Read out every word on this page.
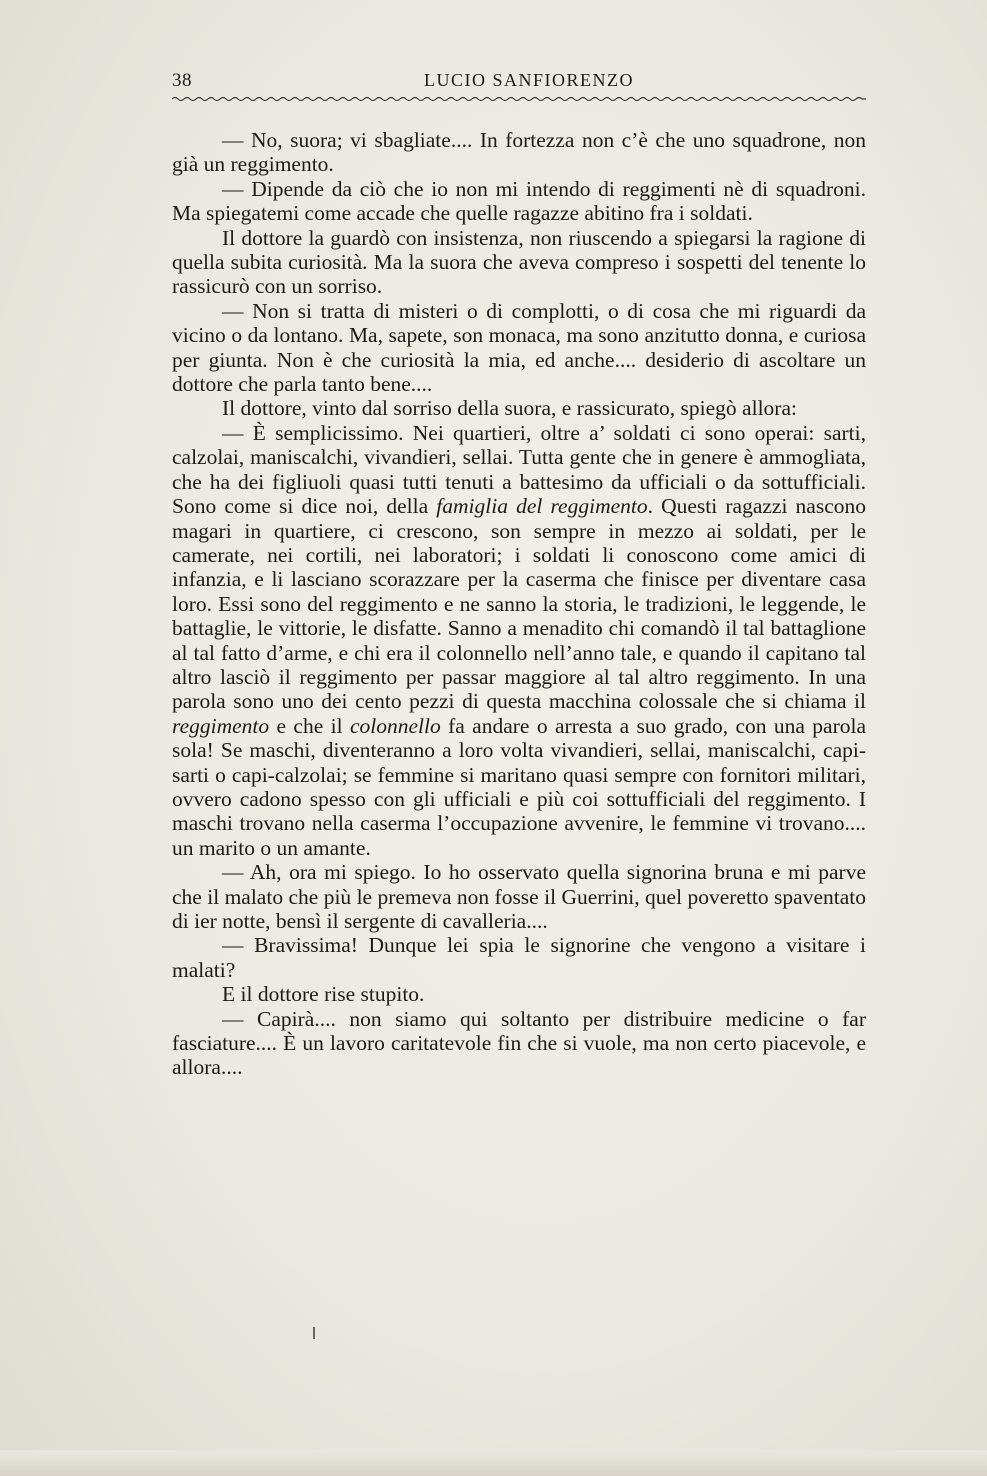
38	LUCIO SANFIORENZO

— No, suora; vi sbagliate.... In fortezza non c’è che uno squadrone, non già un reggimento.

— Dipende da ciò che io non mi intendo di reggimenti nè di squadroni. Ma spiegatemi come accade che quelle ragazze abitino fra i soldati.

Il dottore la guardò con insistenza, non riuscendo a spiegarsi la ragione di quella subita curiosità. Ma la suora che aveva compreso i sospetti del tenente lo rassicurò con un sorriso.

— Non si tratta di misteri o di complotti, o di cosa che mi riguardi da vicino o da lontano. Ma, sapete, son monaca, ma sono anzitutto donna, e curiosa per giunta. Non è che curiosità la mia, ed anche.... desiderio di ascoltare un dottore che parla tanto bene....

Il dottore, vinto dal sorriso della suora, e rassicurato, spiegò allora:

— È semplicissimo. Nei quartieri, oltre a’ soldati ci sono operai: sarti, calzolai, maniscalchi, vivandieri, sellai. Tutta gente che in genere è ammogliata, che ha dei figliuoli quasi tutti tenuti a battesimo da ufficiali o da sottufficiali. Sono come si dice noi, della famiglia del reggimento. Questi ragazzi nascono magari in quartiere, ci crescono, son sempre in mezzo ai soldati, per le camerate, nei cortili, nei laboratori; i soldati li conoscono come amici di infanzia, e li lasciano scorazzare per la caserma che finisce per diventare casa loro. Essi sono del reggimento e ne sanno la storia, le tradizioni, le leggende, le battaglie, le vittorie, le disfatte. Sanno a menadito chi comandò il tal battaglione al tal fatto d’arme, e chi era il colonnello nell’anno tale, e quando il capitano tal altro lasciò il reggimento per passar maggiore al tal altro reggimento. In una parola sono uno dei cento pezzi di questa macchina colossale che si chiama il reggimento e che il colonnello fa andare o arresta a suo grado, con una parola sola! Se maschi, diventeranno a loro volta vivandieri, sellai, maniscalchi, capi-sarti o capi-calzolai; se femmine si maritano quasi sempre con fornitori militari, ovvero cadono spesso con gli ufficiali e più coi sottufficiali del reggimento. I maschi trovano nella caserma l’occupazione avvenire, le femmine vi trovano.... un marito o un amante.

— Ah, ora mi spiego. Io ho osservato quella signorina bruna e mi parve che il malato che più le premeva non fosse il Guerrini, quel poveretto spaventato di ier notte, bensì il sergente di cavalleria....

— Bravissima! Dunque lei spia le signorine che vengono a visitare i malati?

E il dottore rise stupito.

— Capirà.... non siamo qui soltanto per distribuire medicine o far fasciature.... È un lavoro caritatevole fin che si vuole, ma non certo piacevole, e allora....
